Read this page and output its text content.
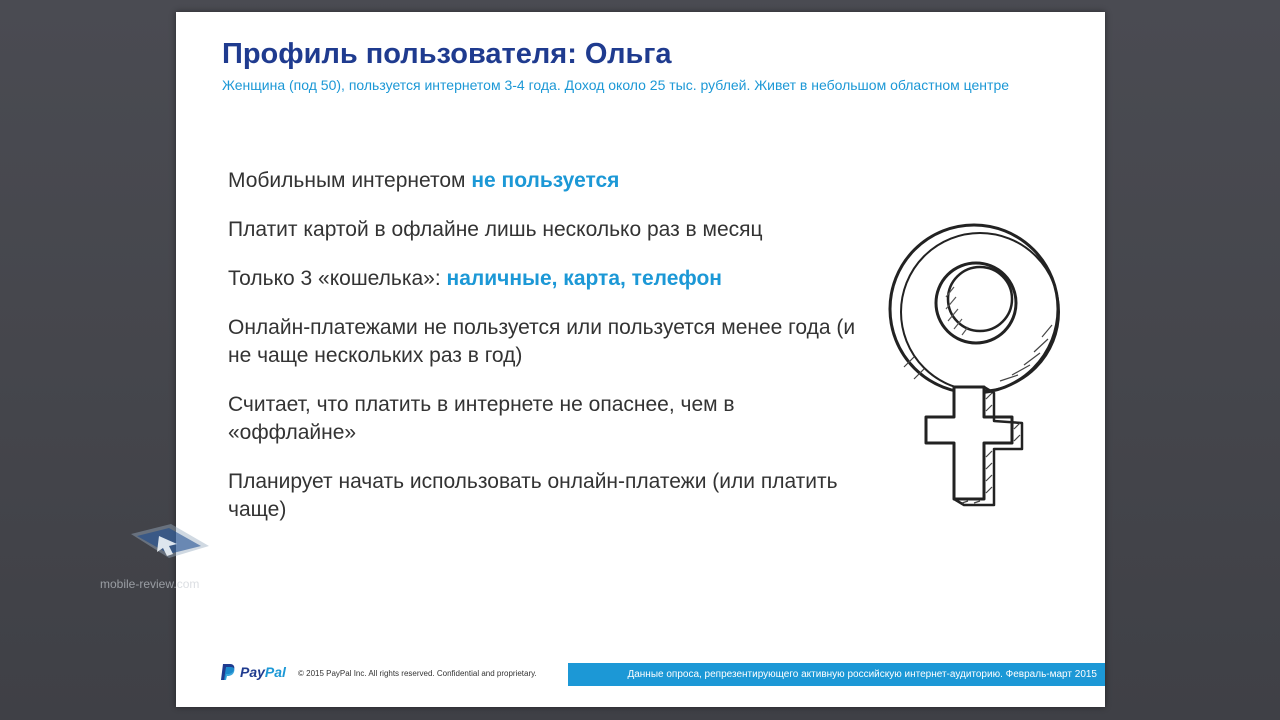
Профиль пользователя: Ольга
Женщина (под 50), пользуется интернетом 3-4 года. Доход около 25 тыс. рублей. Живет в небольшом областном центре
Мобильным интернетом не пользуется
Платит картой в офлайне лишь несколько раз в месяц
Только 3 «кошелька»: наличные, карта, телефон
Онлайн-платежами не пользуется или пользуется менее года (и не чаще нескольких раз в год)
Считает, что платить в интернете не опаснее, чем в «оффлайне»
Планирует начать использовать онлайн-платежи (или платить чаще)
PayPal © 2015 PayPal Inc. All rights reserved. Confidential and proprietary.	Данные опроса, репрезентирующего активную российскую интернет-аудиторию. Февраль-март 2015
mobile-review.com
